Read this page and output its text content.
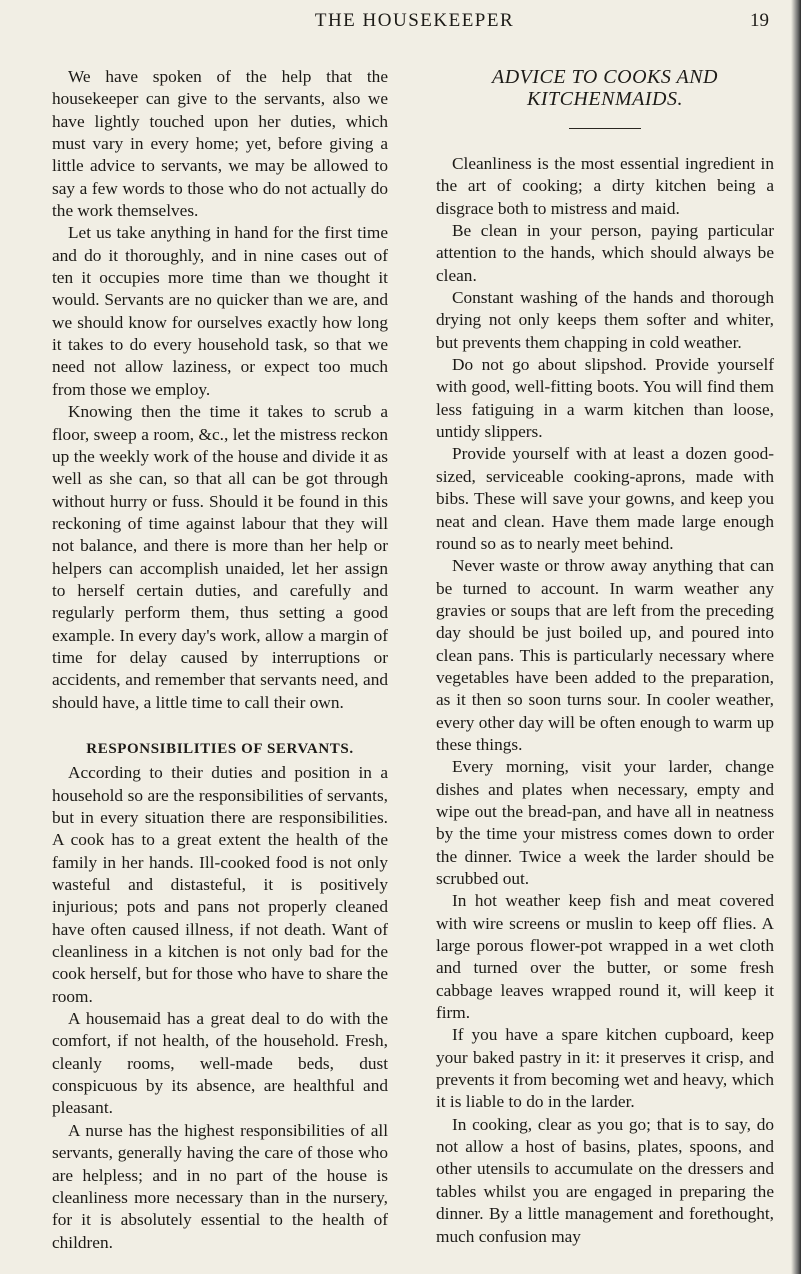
THE HOUSEKEEPER	19

We have spoken of the help that the housekeeper can give to the servants, also we have lightly touched upon her duties, which must vary in every home; yet, before giving a little advice to servants, we may be allowed to say a few words to those who do not actually do the work themselves.

Let us take anything in hand for the first time and do it thoroughly, and in nine cases out of ten it occupies more time than we thought it would. Servants are no quicker than we are, and we should know for ourselves exactly how long it takes to do every household task, so that we need not allow laziness, or expect too much from those we employ.

Knowing then the time it takes to scrub a floor, sweep a room, &c., let the mistress reckon up the weekly work of the house and divide it as well as she can, so that all can be got through without hurry or fuss. Should it be found in this reckoning of time against labour that they will not balance, and there is more than her help or helpers can accomplish unaided, let her assign to herself certain duties, and carefully and regularly perform them, thus setting a good example. In every day's work, allow a margin of time for delay caused by interruptions or accidents, and remember that servants need, and should have, a little time to call their own.

RESPONSIBILITIES OF SERVANTS.

According to their duties and position in a household so are the responsibilities of servants, but in every situation there are responsibilities. A cook has to a great extent the health of the family in her hands. Ill-cooked food is not only wasteful and distasteful, it is positively injurious; pots and pans not properly cleaned have often caused illness, if not death. Want of cleanliness in a kitchen is not only bad for the cook herself, but for those who have to share the room.

A housemaid has a great deal to do with the comfort, if not health, of the household. Fresh, cleanly rooms, well-made beds, dust conspicuous by its absence, are healthful and pleasant.

A nurse has the highest responsibilities of all servants, generally having the care of those who are helpless; and in no part of the house is cleanliness more necessary than in the nursery, for it is absolutely essential to the health of children.

ADVICE TO COOKS AND
KITCHENMAIDS.

Cleanliness is the most essential ingredient in the art of cooking; a dirty kitchen being a disgrace both to mistress and maid.

Be clean in your person, paying particular attention to the hands, which should always be clean.

Constant washing of the hands and thorough drying not only keeps them softer and whiter, but prevents them chapping in cold weather.

Do not go about slipshod. Provide yourself with good, well-fitting boots. You will find them less fatiguing in a warm kitchen than loose, untidy slippers.

Provide yourself with at least a dozen good-sized, serviceable cooking-aprons, made with bibs. These will save your gowns, and keep you neat and clean. Have them made large enough round so as to nearly meet behind.

Never waste or throw away anything that can be turned to account. In warm weather any gravies or soups that are left from the preceding day should be just boiled up, and poured into clean pans. This is particularly necessary where vegetables have been added to the preparation, as it then so soon turns sour. In cooler weather, every other day will be often enough to warm up these things.

Every morning, visit your larder, change dishes and plates when necessary, empty and wipe out the bread-pan, and have all in neatness by the time your mistress comes down to order the dinner. Twice a week the larder should be scrubbed out.

In hot weather keep fish and meat covered with wire screens or muslin to keep off flies. A large porous flower-pot wrapped in a wet cloth and turned over the butter, or some fresh cabbage leaves wrapped round it, will keep it firm.

If you have a spare kitchen cupboard, keep your baked pastry in it: it preserves it crisp, and prevents it from becoming wet and heavy, which it is liable to do in the larder.

In cooking, clear as you go; that is to say, do not allow a host of basins, plates, spoons, and other utensils to accumulate on the dressers and tables whilst you are engaged in preparing the dinner. By a little management and forethought, much confusion may
